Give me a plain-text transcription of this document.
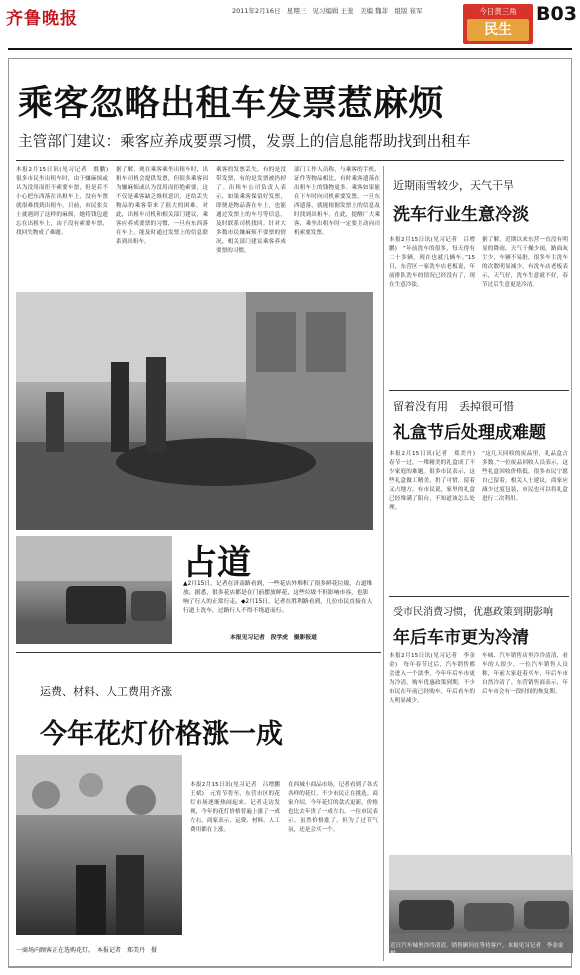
齐鲁晚报	2011年2月16日 星期三 见习编辑 王斐　美编 魏菲　组版 崔军	今日黄三角
民生
B03
乘客忽略出租车发票惹麻烦
主管部门建议：乘客应养成要票习惯，发票上的信息能帮助找到出租车
本报2月15日讯(见习记者　殷鹏)　很多市民坐出租车时，由于嫌麻烦或认为没用而拒不索要车票，但是若不小心把东西落在出租车上，没有车票就很难找到出租车。日前，市民张女士就遇到了这样的麻烦，她将钱包遗忘在出租车上，由于没有索要车票，找回失物成了难题。
据了解，现在乘客乘坐出租车时，出租车司机会提供发票，但很多乘客因为嫌麻烦或认为没用而拒绝索要，这不仅是乘客缺乏维权意识，还给丢失物品的乘客带来了很大的困难。对此，出租车司机和相关部门建议，乘客应养成要票的习惯，一旦有东西落在车上，能及时通过发票上的信息联系到出租车。
乘客的发票丢失，有的是没带发票，有的是发票被扔掉了。出租车公司负责人表示，如果乘客保留好发票，即便是物品落在车上，也能通过发票上的车号等信息，及时联系司机找回。针对大多数市民嫌麻烦不要票的情况，相关部门建议乘客养成要票的习惯。
部门工作人员称，与乘客的手机、证件等物品相比，有时乘客遗落在出租车上的钱物更多。乘客如果能在下车时向司机索要发票，一旦东西遗落，就能根据发票上的信息及时找到出租车。在此，提醒广大乘客，乘坐出租车时一定要主动向司机索要发票。
占道
▲2月15日，记者在济南路看到，一些花店外堆积了很多鲜花垃圾，占道堆放。据悉，很多花店都是在门前摆放鲜花，这些垃圾不但影响市容，也影响了行人的正常行走。◆2月15日，记者在胜利路看到，几位市民直接在人行道上洗车，过路行人不得不绕道而行。
本报见习记者　段学虎　摄影报道
运费、材料、人工费用齐涨
今年花灯价格涨一成
一商场内顾客正在选购花灯。　本报记者　郑美丹　摄
本报2月15日讯(见习记者　吕增鹏　王斌)　元宵节将至，东营市区的花灯市场逐渐热闹起来。记者走访发现，今年的花灯价格普遍上涨了一成左右，商家表示，运费、材料、人工费用都在上涨。
在西城小商品市场，记者看到了各式各样的花灯，不少市民正在挑选。商家介绍，今年花灯的款式更新，价格也比去年贵了一成左右。一位市民表示，虽然价格涨了，但为了过节气氛，还是会买一个。
近期雨雪较少，天气干旱
洗车行业生意冷淡
本报2月15日讯(见习记者　吕增鹏)　“年前洗车的很多，每天得有二十多辆，现在也就几辆车。”15日，东营区一家洗车店老板说，年前排队洗车的情况已经没有了，现在生意冷淡。
据了解，近期以来东营一直没有明显的降雨，天气干燥少雨，路面灰尘少，车辆不易脏，很多车主洗车的次数明显减少。有洗车店老板表示，天气好，洗车生意就不好，春节过后生意更是冷清。
留着没有用　丢掉很可惜
礼盒节后处理成难题
本报2月15日讯(记者　郑美丹)　春节一过，一堆精美的礼盒成了不少家庭的难题。很多市民表示，这些礼盒做工精美，扔了可惜，留着又占地方。有市民说，家里的礼盒已经堆满了阳台，不知道该怎么处理。
“这几天回收的废品里，礼品盒占多数。”一位废品回收人员表示，这些礼盒回收价格低，很多市民宁愿自己留着。相关人士建议，商家应减少过度包装，市民也可以将礼盒进行二次利用。
受市民消费习惯，优惠政策到期影响
年后车市更为冷清
本报2月15日讯(见习记者　李金金)　每年春节过后，汽车销售都会进入一个淡季，今年年后车市更为冷清。购车优惠政策到期，不少市民在年前已经购车，年后看车的人明显减少。
车城、汽车销售店里冷冷清清，看车的人很少。一位汽车销售人员称，年前大家赶着买车，年后车市自然冷清了。东营销售商表示，年后车市会有一段时间的恢复期。
近日汽车城里冷冷清清，销售顾问在等待客户。本报见习记者　李金金　摄
